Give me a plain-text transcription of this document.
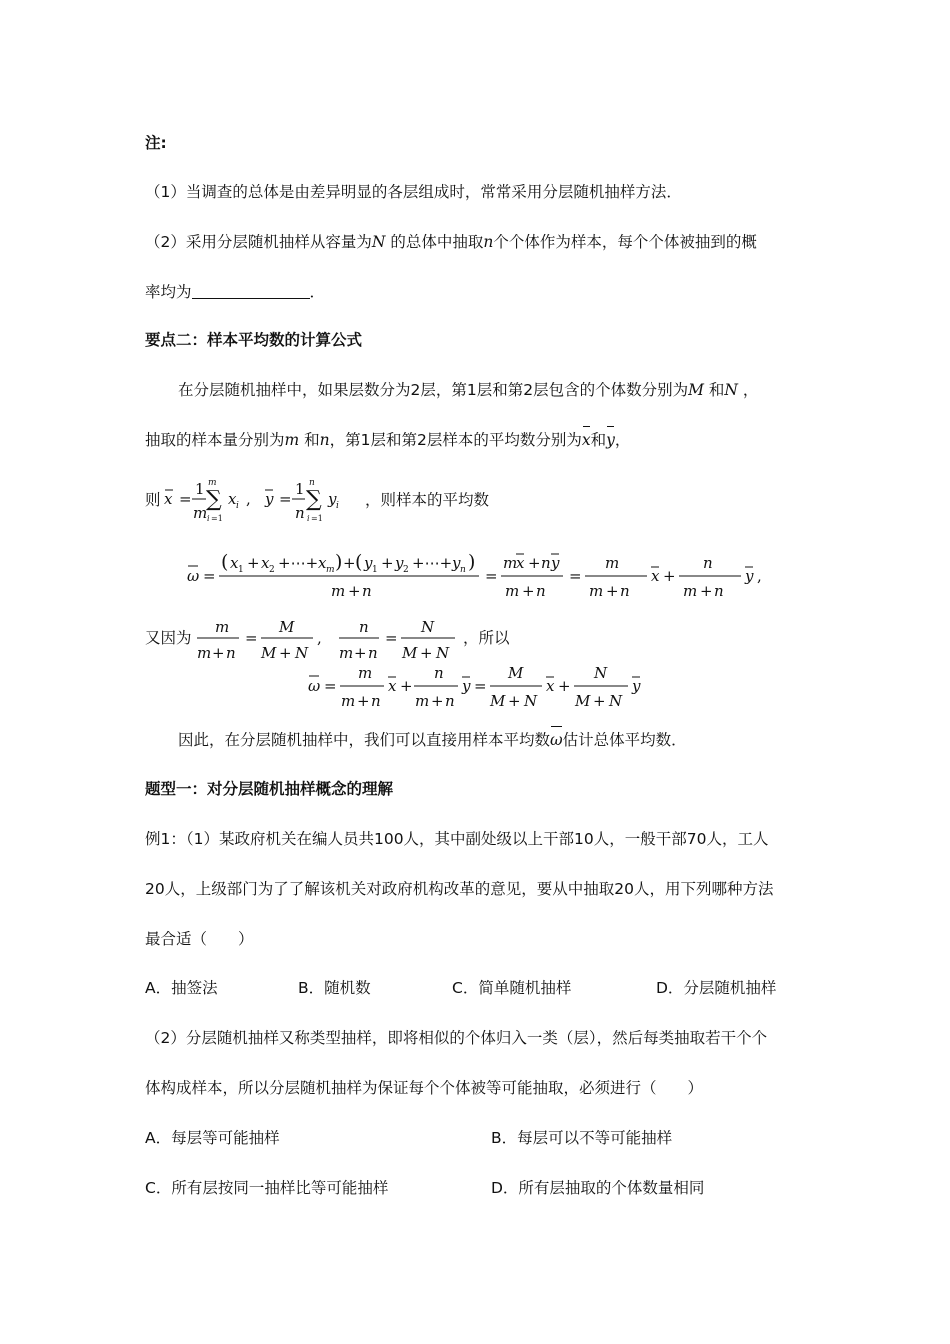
注:
（1）当调查的总体是由差异明显的各层组成时，常常采用分层随机抽样方法．
（2）采用分层随机抽样从容量为N 的总体中抽取n个个体作为样本，每个个体被抽到的概
率均为	．
要点二：样本平均数的计算公式
在分层随机抽样中，如果层数分为2层，第1层和第2层包含的个体数分别为M 和N ，
抽取的样本量分别为m 和n，第1层和第2层样本的平均数分别为x和y，
则 x =
1
m
m
∑
i =1
x i , y =
1
n
n
∑
i =1
y i ，则样本的平均数
ω =
( x 1 + x 2 +⋯+ x m ) + ( y 1 + y 2 +⋯+ y n )
m + n
=
m
x + n y
m + n
=
m
m + n
x +
n
m + n
y ,
又因为
m
m + n
=
M
M + N
,
n
m + n
=
N
M + N
，所以
ω =
m
m + n
x +
n
m + n
y =
M
M + N
x +
N
M + N
y
因此，在分层随机抽样中，我们可以直接用样本平均数ω估计总体平均数．
题型一：对分层随机抽样概念的理解
例1：（1）某政府机关在编人员共100人，其中副处级以上干部10人，一般干部70人，工人
20人，上级部门为了了解该机关对政府机构改革的意见，要从中抽取20人，用下列哪种方法
最合适（　　）
A．抽签法	B．随机数	C．简单随机抽样	D．分层随机抽样
（2）分层随机抽样又称类型抽样，即将相似的个体归入一类（层），然后每类抽取若干个个
体构成样本，所以分层随机抽样为保证每个个体被等可能抽取，必须进行（　　）
A．每层等可能抽样	B．每层可以不等可能抽样
C．所有层按同一抽样比等可能抽样	D．所有层抽取的个体数量相同
